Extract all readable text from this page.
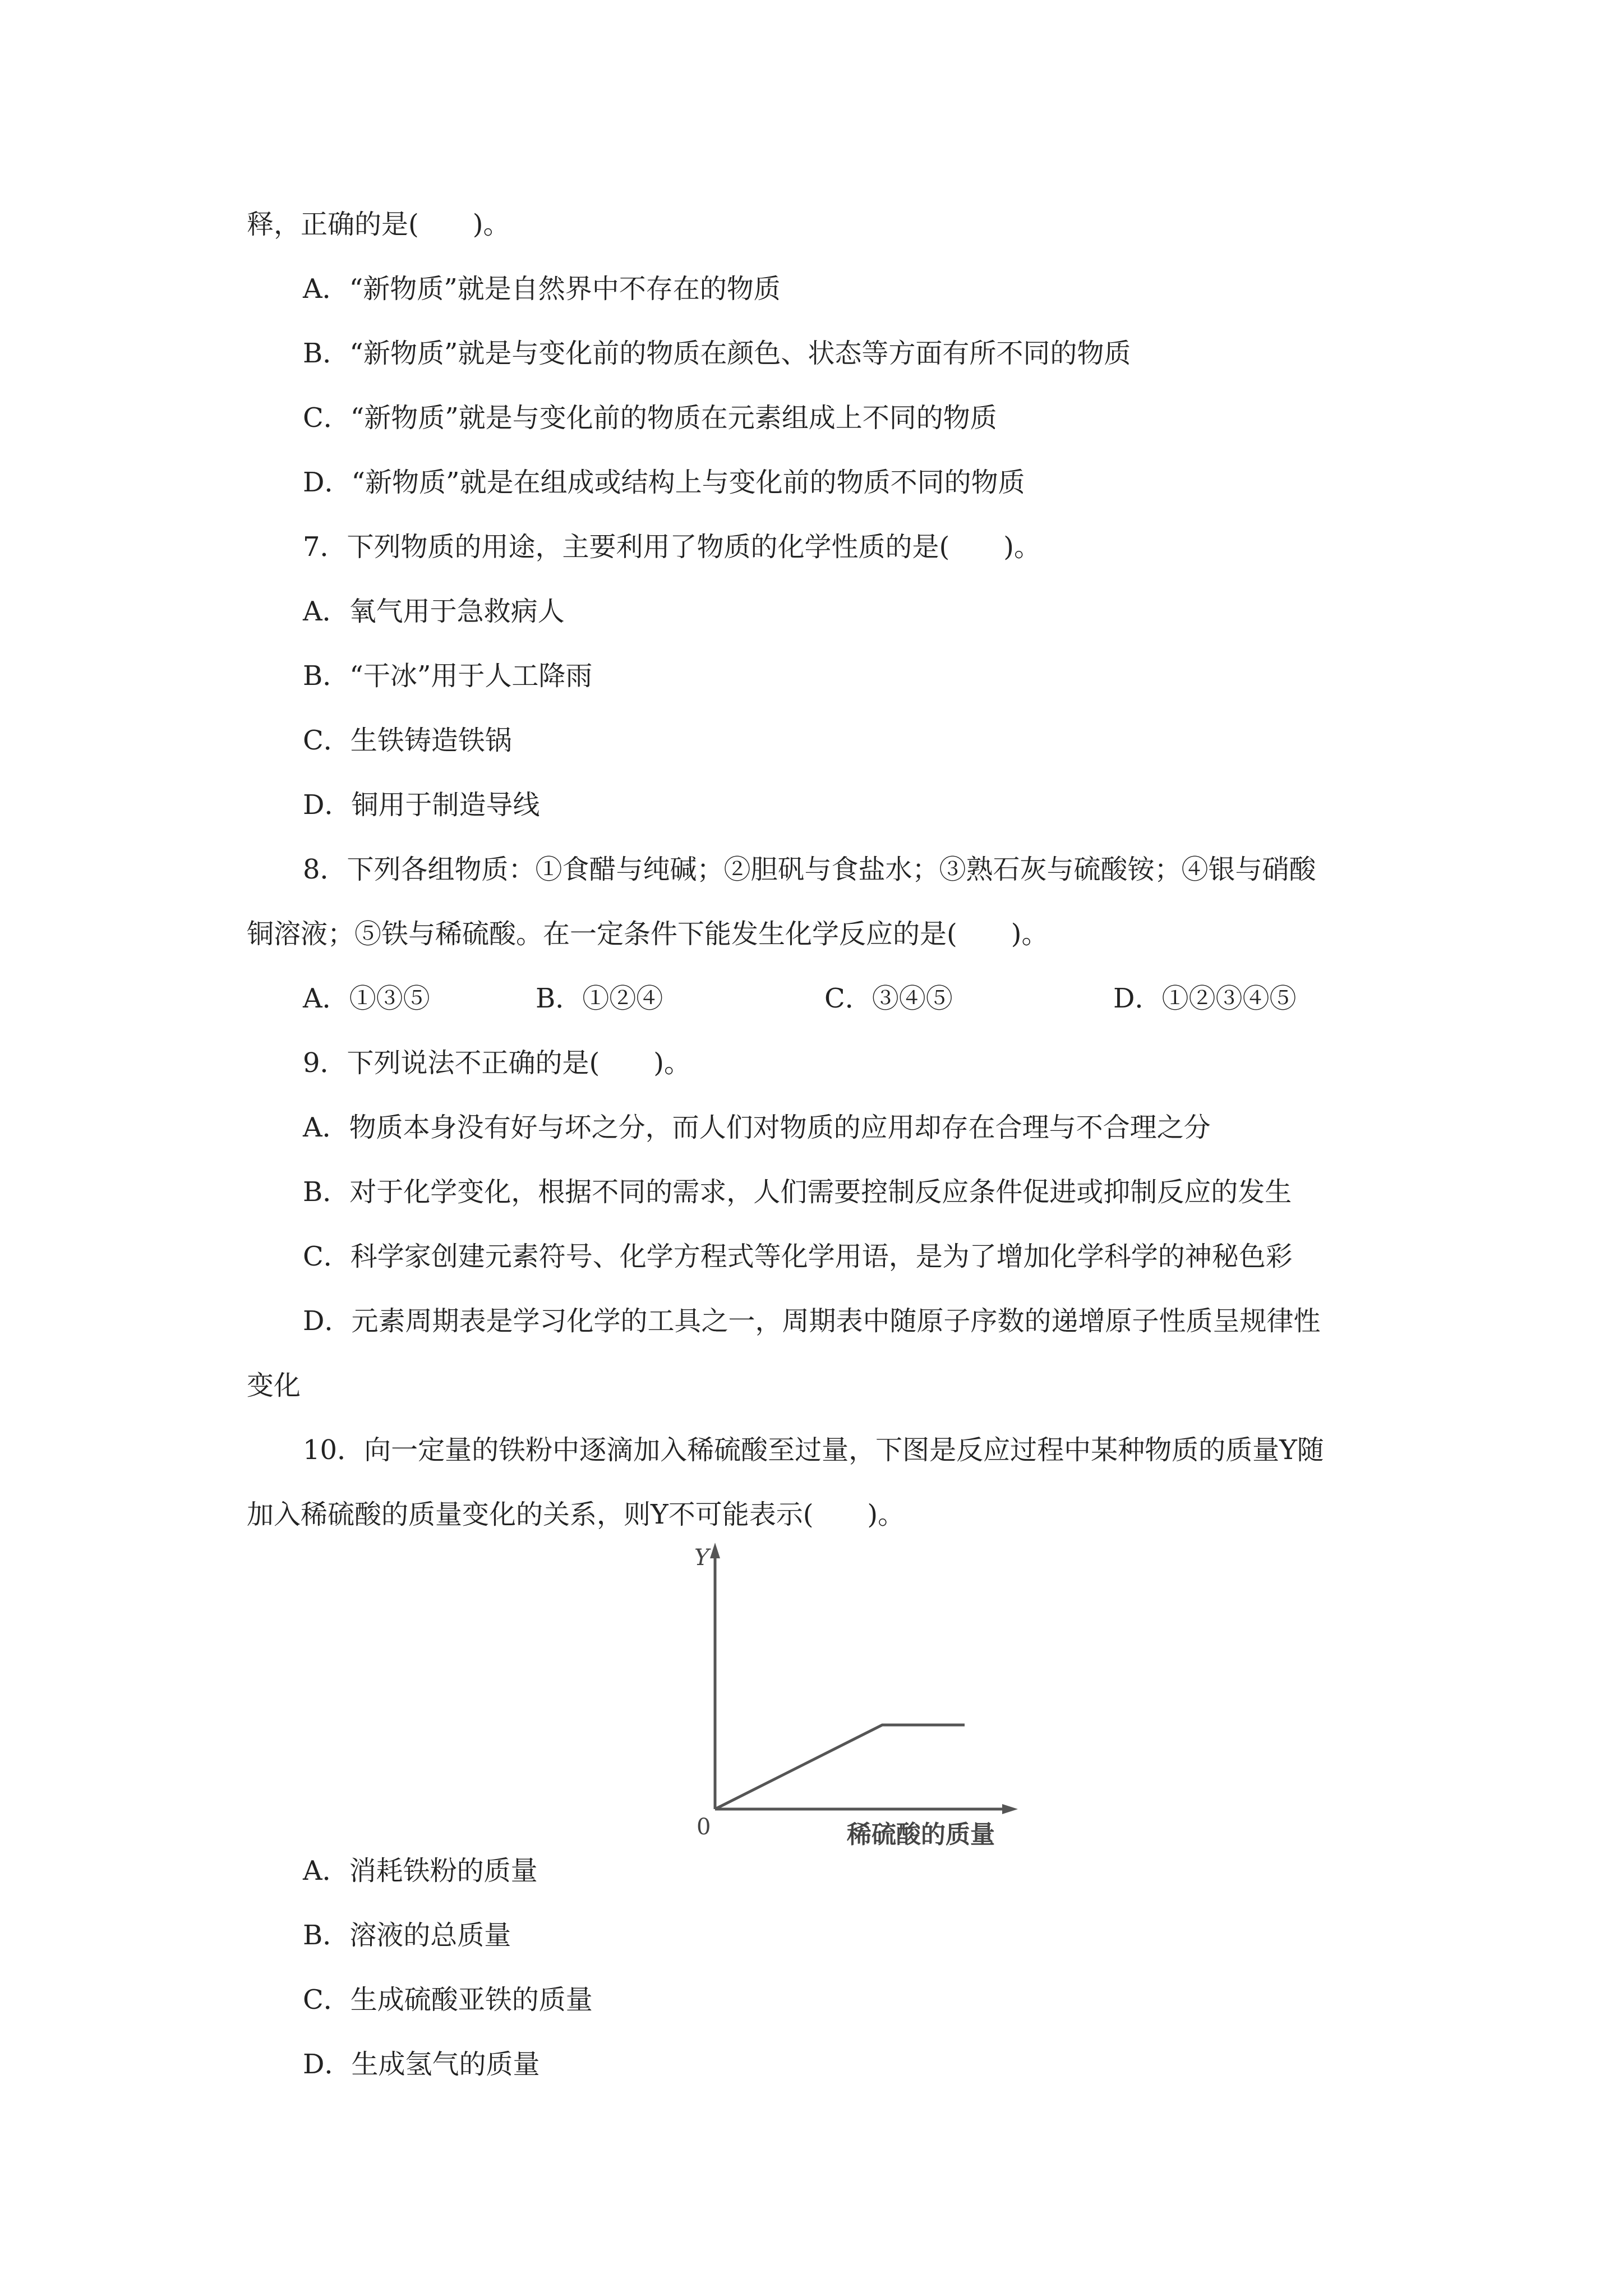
释，正确的是(　　)。
A．“新物质”就是自然界中不存在的物质
B．“新物质”就是与变化前的物质在颜色、状态等方面有所不同的物质
C．“新物质”就是与变化前的物质在元素组成上不同的物质
D．“新物质”就是在组成或结构上与变化前的物质不同的物质
7．下列物质的用途，主要利用了物质的化学性质的是(　　)。
A．氧气用于急救病人
B．“干冰”用于人工降雨
C．生铁铸造铁锅
D．铜用于制造导线
8．下列各组物质：①食醋与纯碱；②胆矾与食盐水；③熟石灰与硫酸铵；④银与硝酸
铜溶液；⑤铁与稀硫酸。在一定条件下能发生化学反应的是(　　)。
A．①③⑤	B．①②④	C．③④⑤	D．①②③④⑤
9．下列说法不正确的是(　　)。
A．物质本身没有好与坏之分，而人们对物质的应用却存在合理与不合理之分
B．对于化学变化，根据不同的需求，人们需要控制反应条件促进或抑制反应的发生
C．科学家创建元素符号、化学方程式等化学用语，是为了增加化学科学的神秘色彩
D．元素周期表是学习化学的工具之一，周期表中随原子序数的递增原子性质呈规律性
变化
10．向一定量的铁粉中逐滴加入稀硫酸至过量，下图是反应过程中某种物质的质量Y随
加入稀硫酸的质量变化的关系，则Y不可能表示(　　)。
Y
0	稀硫酸的质量
A．消耗铁粉的质量
B．溶液的总质量
C．生成硫酸亚铁的质量
D．生成氢气的质量
